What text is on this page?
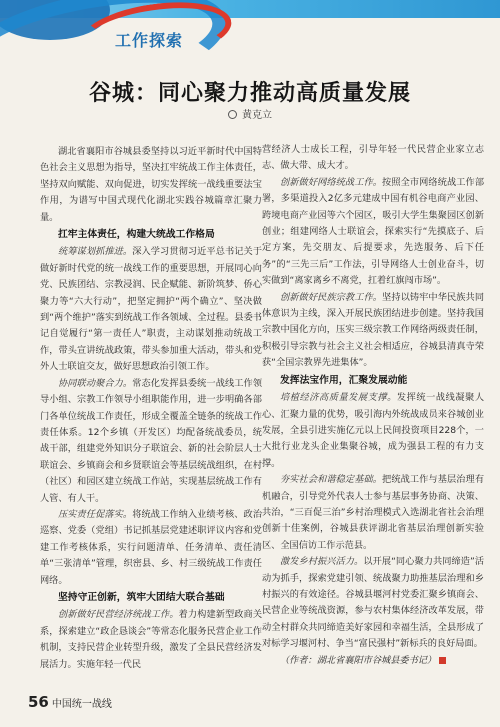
工作探索
谷城：同心聚力推动高质量发展
黄克立

湖北省襄阳市谷城县委坚持以习近平新时代中国特色社会主义思想为指导，坚决扛牢统战工作主体责任，坚持双向赋能、双向促进，切实发挥统一战线重要法宝作用，为谱写中国式现代化湖北实践谷城篇章汇聚力量。

扛牢主体责任，构建大统战工作格局

统筹谋划抓推进。深入学习贯彻习近平总书记关于做好新时代党的统一战线工作的重要思想，开展同心向党、民族团结、宗教浸润、民企赋能、新阶筑梦、侨心聚力等“六大行动”，把坚定拥护“两个确立”、坚决做到“两个维护”落实到统战工作各领域、全过程。县委书记自觉履行“第一责任人”职责，主动谋划推动统战工作，带头宣讲统战政策，带头参加重大活动，带头和党外人士联谊交友，做好思想政治引领工作。

协同联动聚合力。常态化发挥县委统一战线工作领导小组、宗教工作领导小组职能作用，进一步明确各部门各单位统战工作责任，形成全覆盖全链条的统战工作责任体系。12个乡镇（开发区）均配备统战委员，统战干部，组建党外知识分子联谊会、新的社会阶层人士联谊会、乡镇商会和乡贤联谊会等基层统战组织，在村（社区）和园区建立统战工作站，实现基层统战工作有人管、有人干。

压实责任促落实。将统战工作纳入业绩考核、政治巡察、党委（党组）书记抓基层党建述职评议内容和党建工作考核体系，实行问题清单、任务清单、责任清单“三张清单”管理，织密县、乡、村三级统战工作责任网络。

坚持守正创新，筑牢大团结大联合基础

创新做好民营经济统战工作。着力构建新型政商关系，探索建立“政企恳谈会”等常态化服务民营企业工作机制，支持民营企业转型升级，激发了全县民营经济发展活力。实施年轻一代民

营经济人士成长工程，引导年轻一代民营企业家立志志、做大带、成大才。

创新做好网络统战工作。按照全市网络统战工作部署，多渠道投入2亿多元建成中国有机谷电商产业园、跨境电商产业园等六个园区，吸引大学生集聚园区创新创业；组建网络人士联谊会，探索实行“先摸底子、后定方案，先交朋友、后提要求，先选服务、后下任务”的“三先三后”工作法，引导网络人士创业奋斗，切实做到“离家离乡不离党，扛着红旗闯市场”。

创新做好民族宗教工作。坚持以铸牢中华民族共同体意识为主线，深入开展民族团结进步创建。坚持我国宗教中国化方向，压实三级宗教工作网络两级责任制，积极引导宗教与社会主义社会相适应，谷城县清真寺荣获“全国宗教界先进集体”。

发挥法宝作用，汇聚发展动能

培植经济高质量发展支撑。发挥统一战线凝聚人心、汇聚力量的优势，吸引海内外统战成员来谷城创业发展，全县引进实施亿元以上民间投资项目228个，一大批行业龙头企业集聚谷城，成为强县工程的有力支撑。

夯实社会和谐稳定基础。把统战工作与基层治理有机融合，引导党外代表人士参与基层事务协商、决策、共治，“三百促三治”乡村治理模式入选湖北省社会治理创新十佳案例，谷城县获评湖北省基层治理创新实验区、全国信访工作示范县。

激发乡村振兴活力。以开展“同心聚力共同缔造”活动为抓手，探索党建引领、统战聚力助推基层治理和乡村振兴的有效途径。谷城县堰河村党委汇聚乡镇商会、民营企业等统战资源，参与农村集体经济改革发展，带动全村群众共同缔造美好家园和幸福生活，全县形成了对标学习堰河村、争当“富民强村”新标兵的良好局面。

（作者：湖北省襄阳市谷城县委书记）

56 中国统一战线
